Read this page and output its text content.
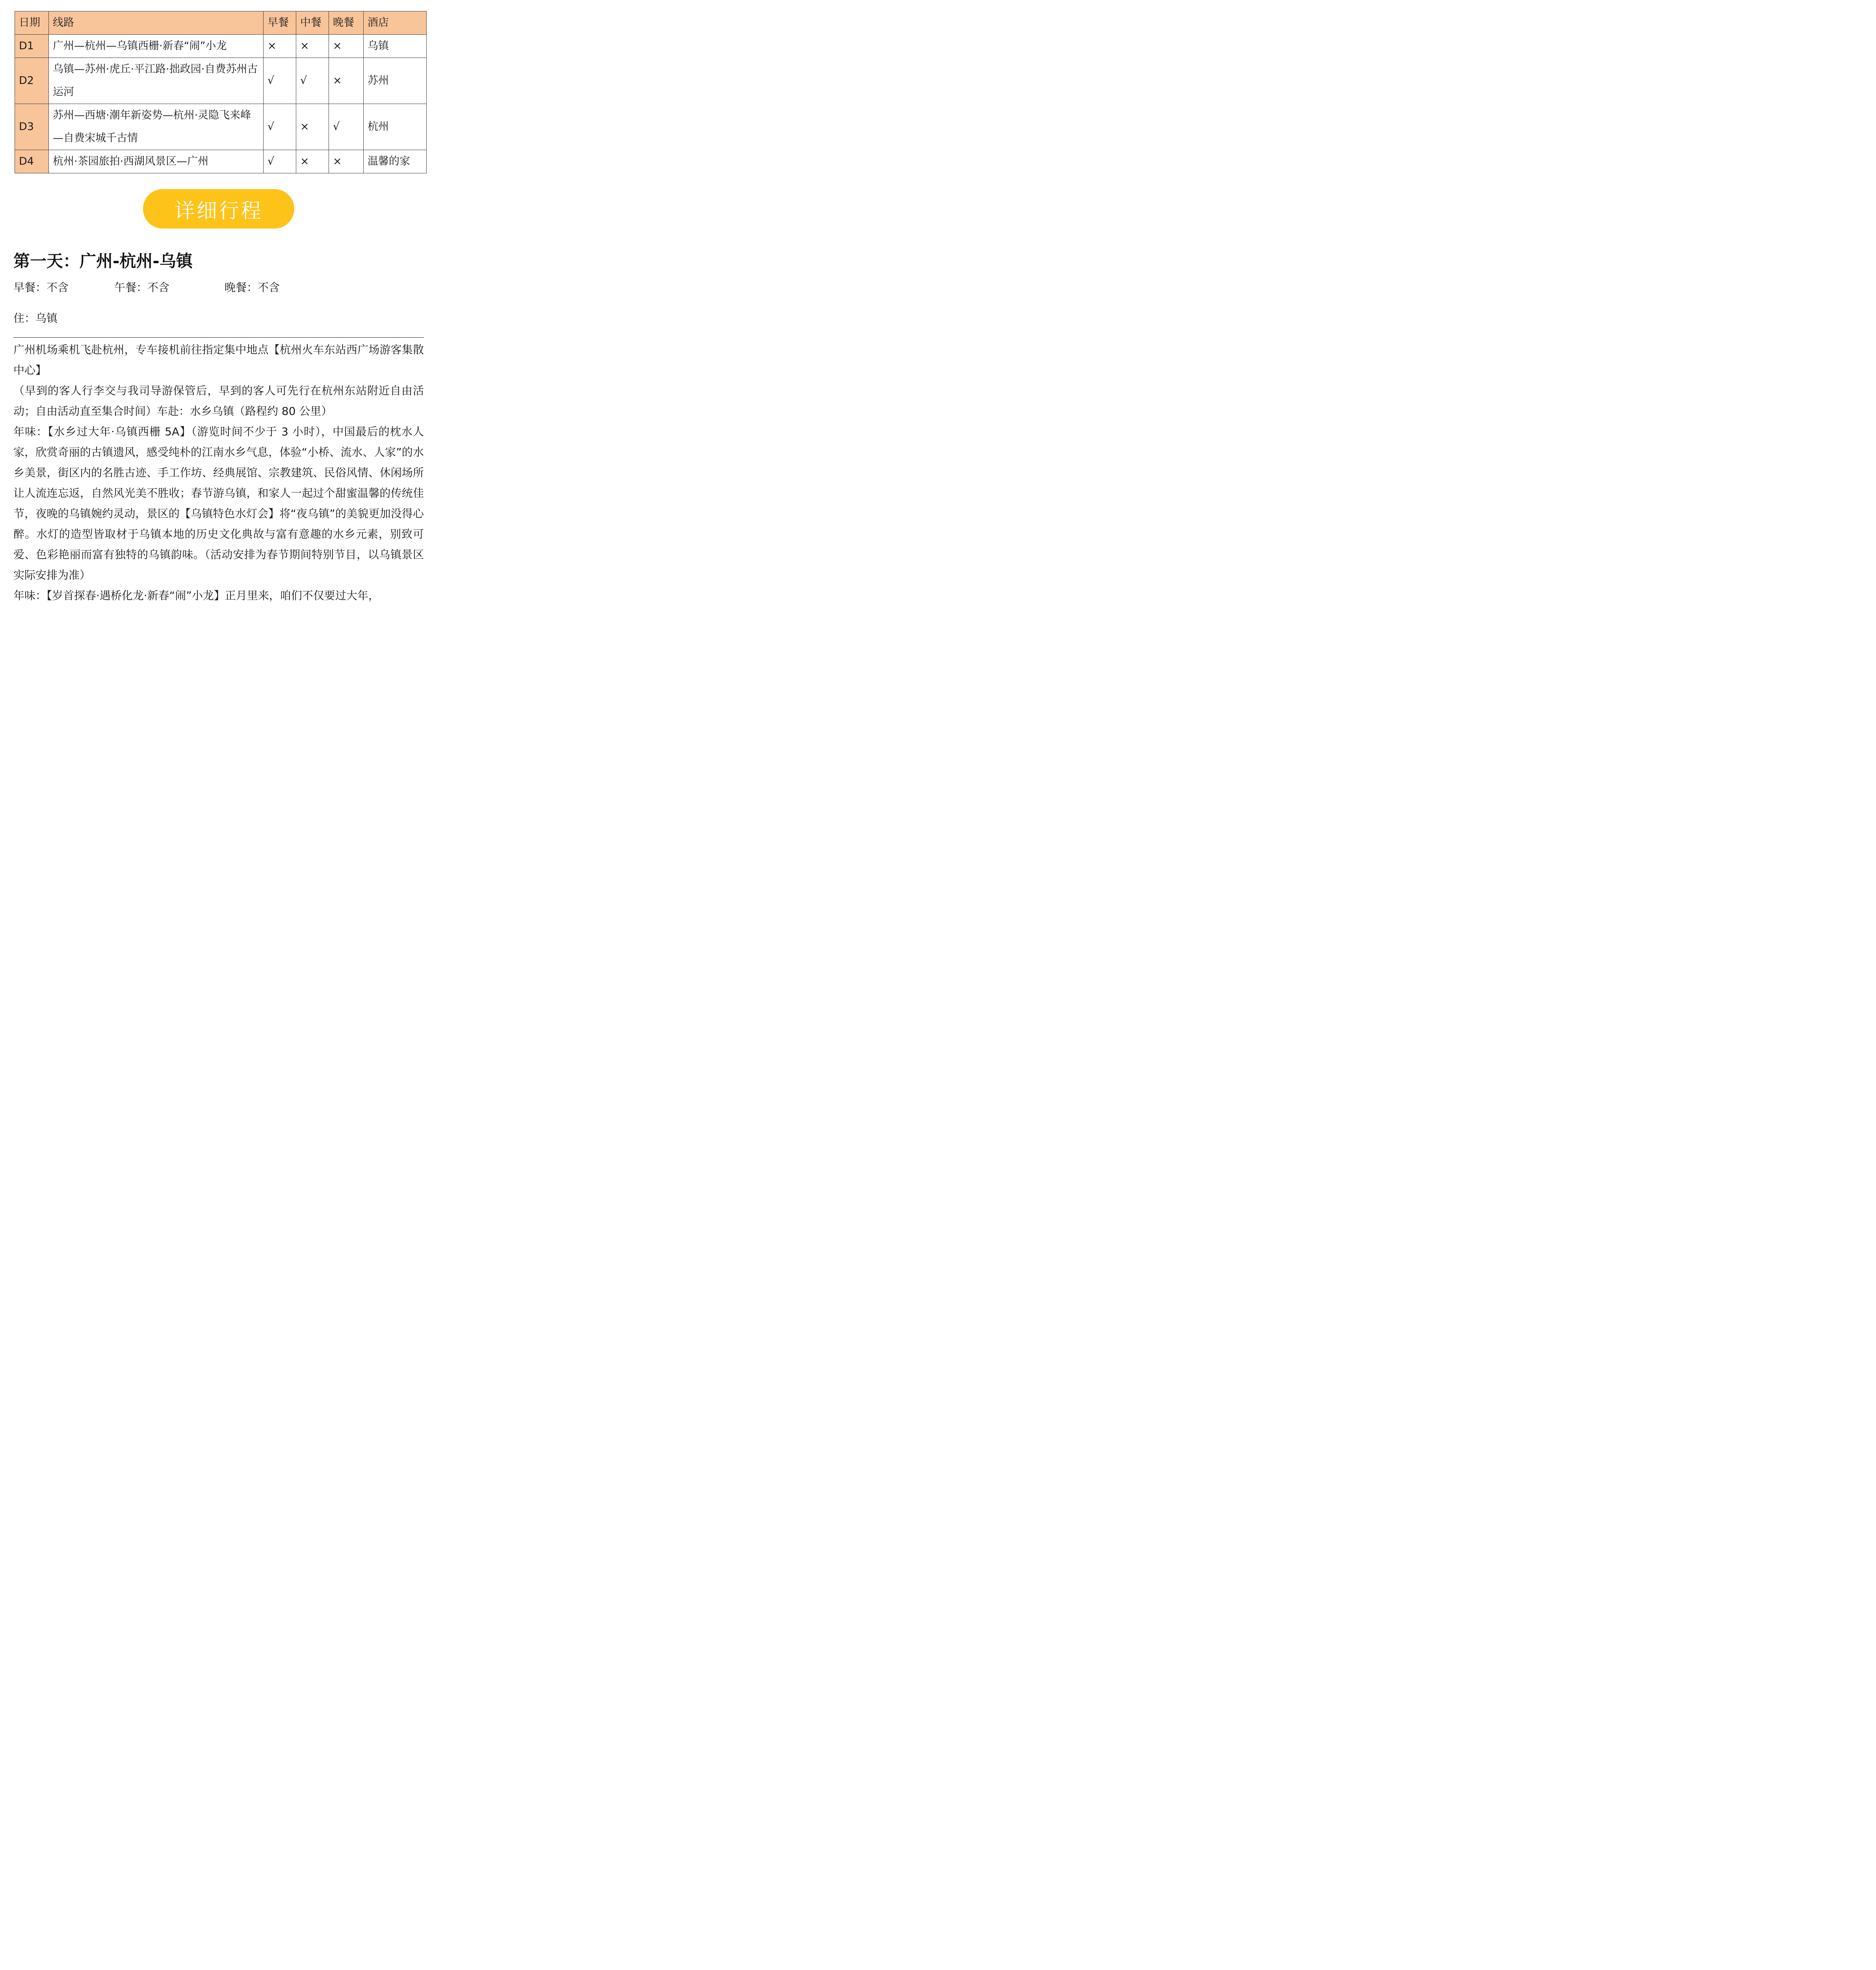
日期	线路	早餐	中餐	晚餐	酒店
D1	广州—杭州—乌镇西栅·新春“闹”小龙	×	×	×	乌镇
D2	乌镇—苏州·虎丘·平江路·拙政园·自费苏州古运河	√	√	×	苏州
D3	苏州—西塘·潮年新姿势—杭州·灵隐飞来峰—自费宋城千古情	√	×	√	杭州
D4	杭州·茶园旅拍·西湖风景区—广州	√	×	×	温馨的家
详细行程
第一天：广州-杭州-乌镇

早餐：不含	午餐：不含	晚餐：不含

住：乌镇

广州机场乘机飞赴杭州，专车接机前往指定集中地点【杭州火车东站西广场游客集散中心】

（早到的客人行李交与我司导游保管后，早到的客人可先行在杭州东站附近自由活动；自由活动直至集合时间）车赴：水乡乌镇（路程约 80 公里）

年味：【水乡过大年·乌镇西栅 5A】（游览时间不少于 3 小时），中国最后的枕水人家，欣赏奇丽的古镇遗风，感受纯朴的江南水乡气息，体验“小桥、流水、人家”的水乡美景，街区内的名胜古迹、手工作坊、经典展馆、宗教建筑、民俗风情、休闲场所让人流连忘返，自然风光美不胜收；春节游乌镇，和家人一起过个甜蜜温馨的传统佳节，夜晚的乌镇婉约灵动，景区的【乌镇特色水灯会】将“夜乌镇”的美貌更加没得心醉。水灯的造型皆取材于乌镇本地的历史文化典故与富有意趣的水乡元素，别致可爱、色彩艳丽而富有独特的乌镇韵味。（活动安排为春节期间特别节目，以乌镇景区实际安排为准）

年味：【岁首探春·遇桥化龙·新春“闹”小龙】正月里来，咱们不仅要过大年，
